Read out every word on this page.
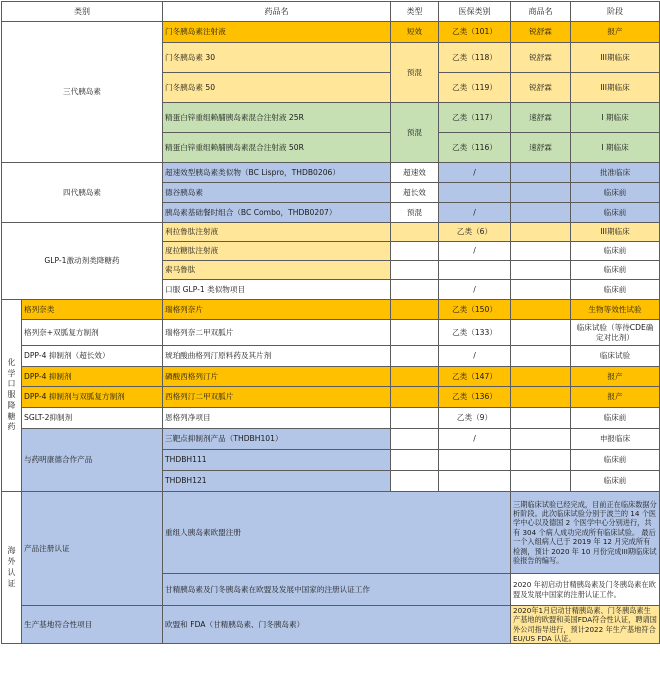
类别		药品名	类型	医保类别	商品名	阶段
三代胰岛素		门冬胰岛素注射液	短效	乙类（101）	锐舒霖	报产
		门冬胰岛素 30	预混	乙类（118）	锐舒霖	III期临床
		门冬胰岛素 50		乙类（119）	锐舒霖	III期临床
		精蛋白锌重组赖脯胰岛素混合注射液 25R	预混	乙类（117）	速舒霖	I 期临床
		精蛋白锌重组赖脯胰岛素混合注射液 50R		乙类（116）	速舒霖	I 期临床
四代胰岛素		超速效型胰岛素类似物（BC Lispro，THDB0206）	超速效	/		批准临床
		德谷胰岛素	超长效			临床前
		胰岛素基础餐时组合（BC Combo，THDB0207）	预混	/		临床前
GLP-1激动剂类降糖药		利拉鲁肽注射液		乙类（6）		III期临床
		度拉糖肽注射液		/		临床前
		索马鲁肽				临床前
		口服 GLP-1 类似物项目		/		临床前
化学口服降糖药	格列奈类	瑞格列奈片		乙类（150）		生物等效性试验
	格列奈+双胍复方制剂	瑞格列奈二甲双胍片		乙类（133）		临床试验（等待CDE确定对比剂）
	DPP-4 抑制剂（超长效）	琥珀酸曲格列汀原料药及其片剂		/		临床试验
	DPP-4 抑制剂	磷酸西格列汀片		乙类（147）		报产
	DPP-4 抑制剂与双胍复方制剂	西格列汀二甲双胍片		乙类（136）		报产
	SGLT-2抑制剂	恩格列净项目		乙类（9）		临床前
	与药明康德合作产品	三靶点抑制剂产品（THDBH101）		/		申报临床
		THDBH111				临床前
		THDBH121				临床前
海外认证	产品注册认证	重组人胰岛素欧盟注册			三期临床试验已经完成，目前正在临床数据分析阶段。此次临床试验分别于波兰的 14 个医学中心以及德国 2 个医学中心分别进行，共有 304 个病人成功完成所有临床试验。 最后一个入组病人已于 2019 年 12 月完成所有检测，预计 2020 年 10 月份完成III期临床试验报告的编写。	
		甘精胰岛素及门冬胰岛素在欧盟及发展中国家的注册认证工作			2020 年初启动甘精胰岛素及门冬胰岛素在欧盟及发展中国家的注册认证工作。	
	生产基地符合性项目	欧盟和 FDA（甘精胰岛素、门冬胰岛素）			2020年1月启动甘精胰岛素、门冬胰岛素生产基地的欧盟和美国FDA符合性认证，聘请国外公司指导进行，预计2022 年生产基地符合 EU/US FDA 认证。	
